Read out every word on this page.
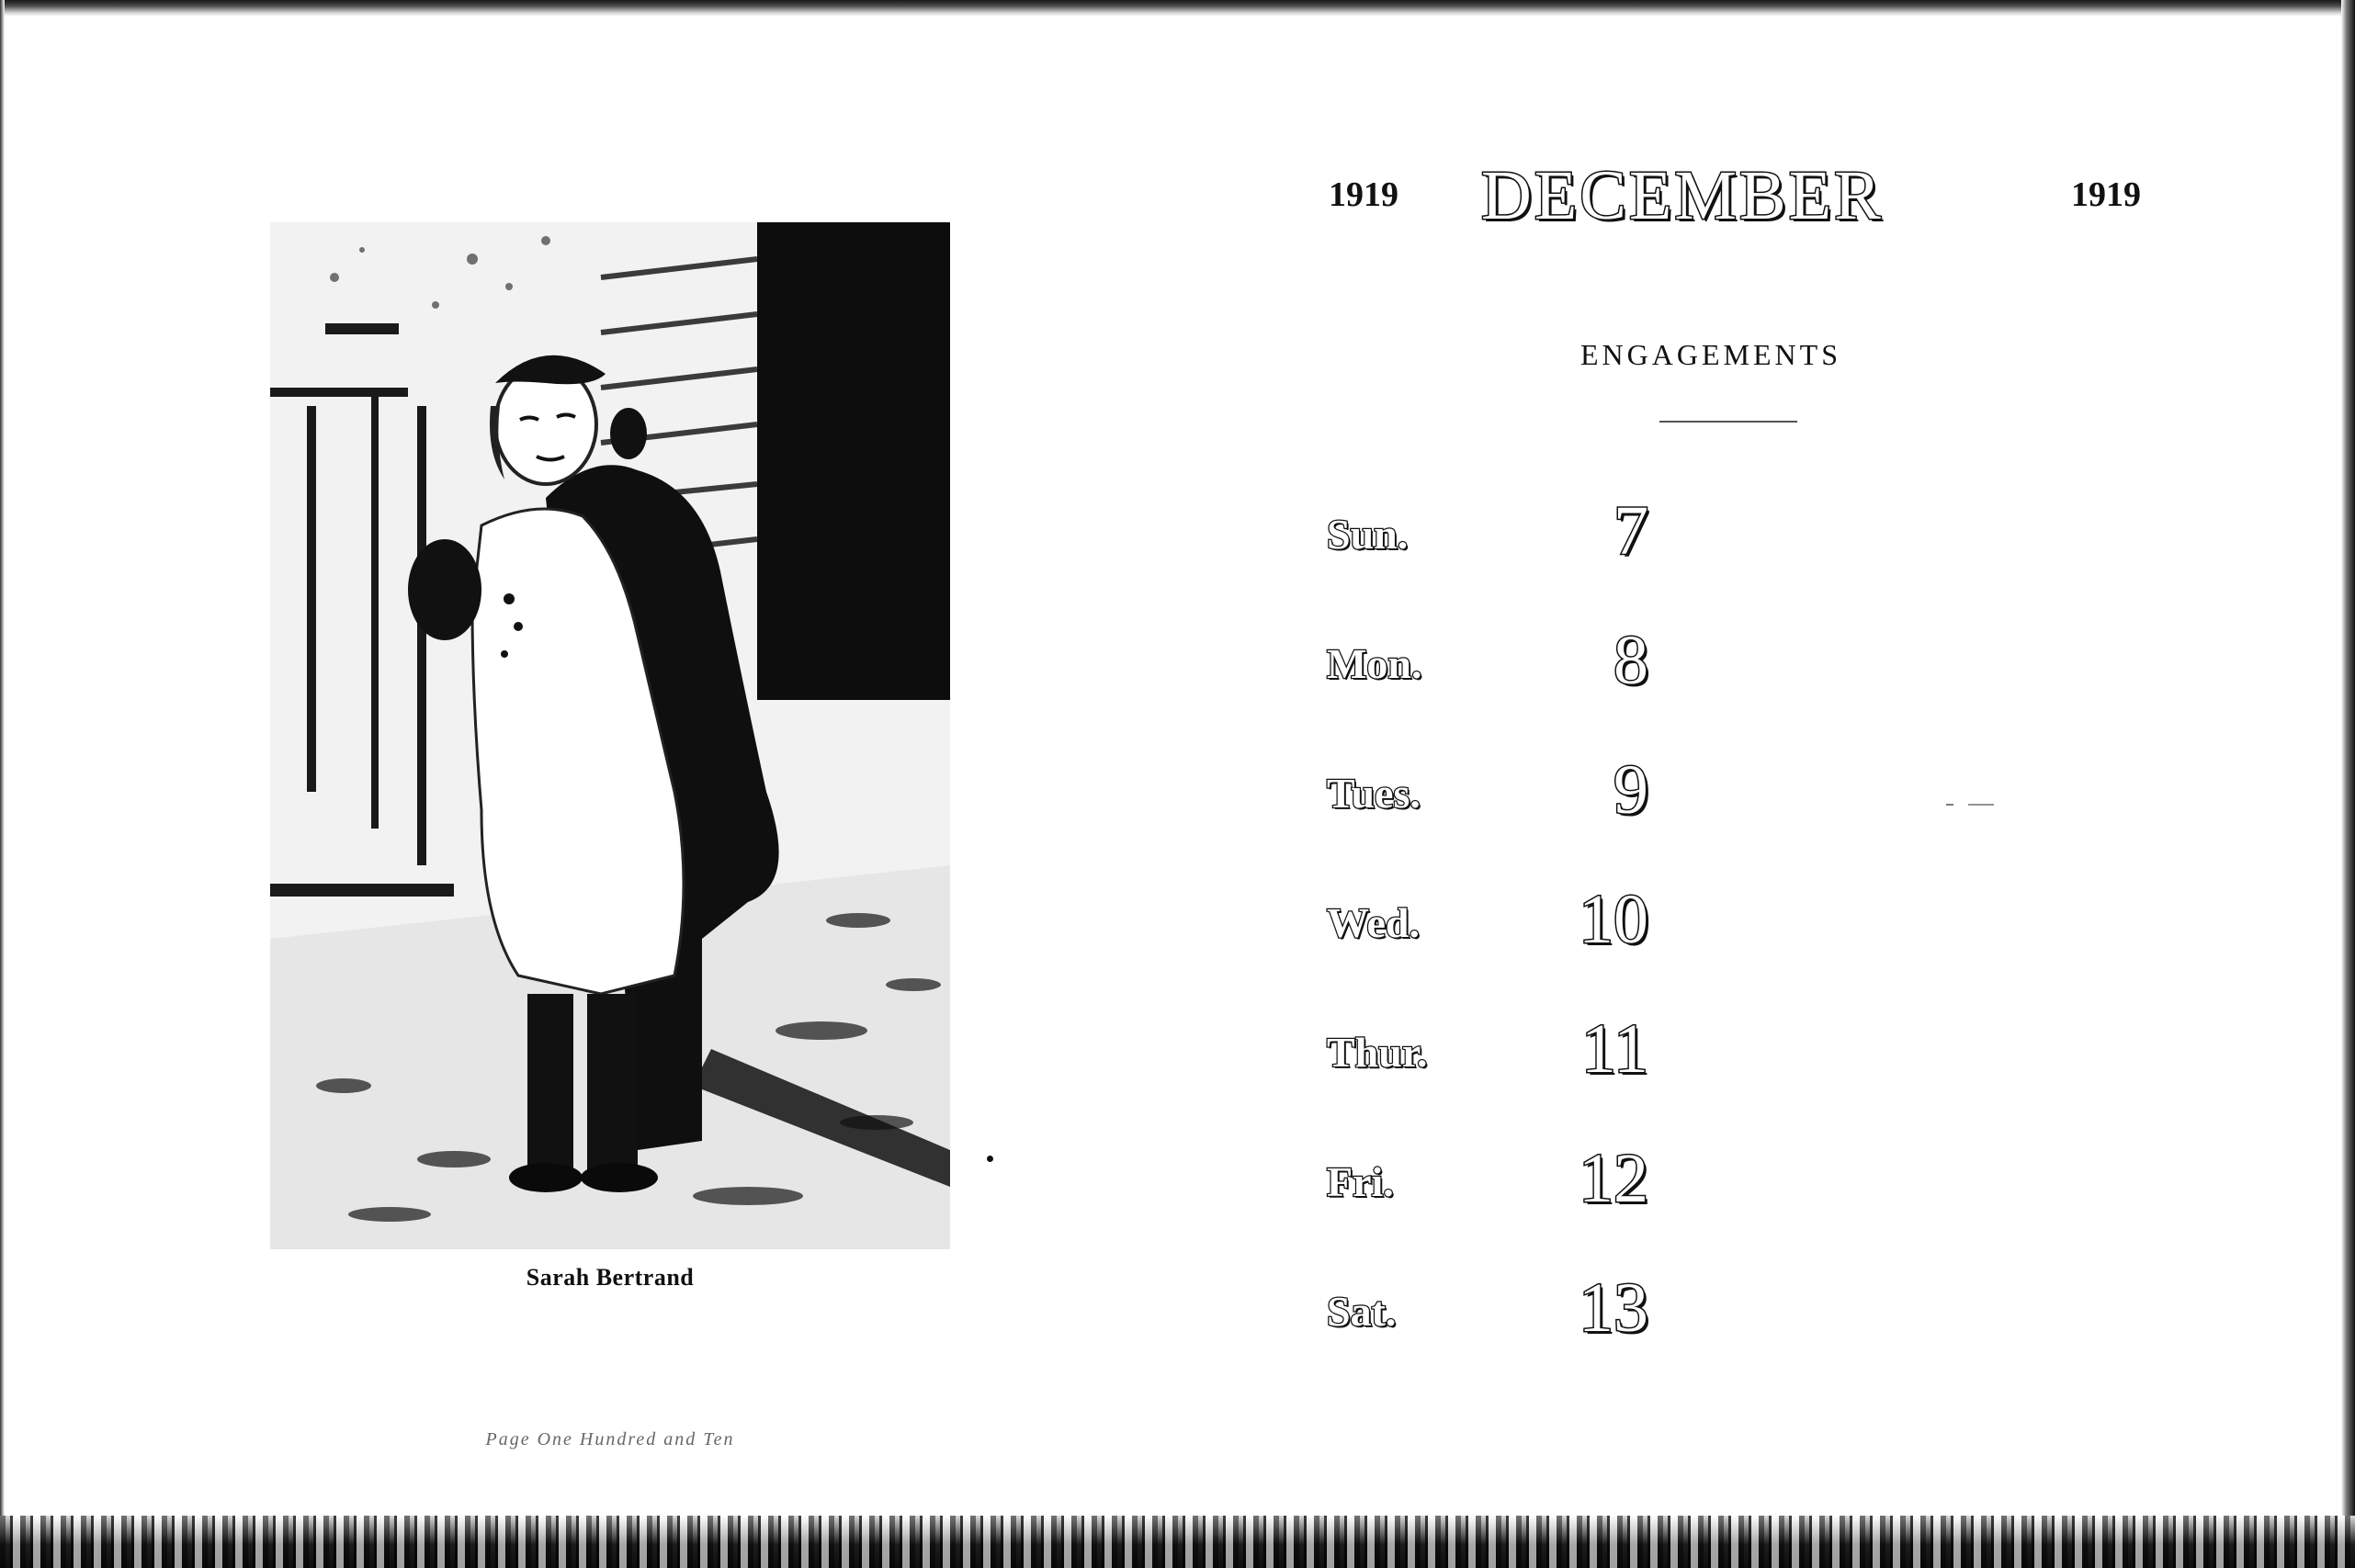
Sarah Bertrand
Page One Hundred and Ten
1919 DECEMBER	1919
ENGAGEMENTS
Sun.	7
Mon.	8
Tues.	9
Wed.	10
Thur.	11
Fri.	12
Sat.	13
